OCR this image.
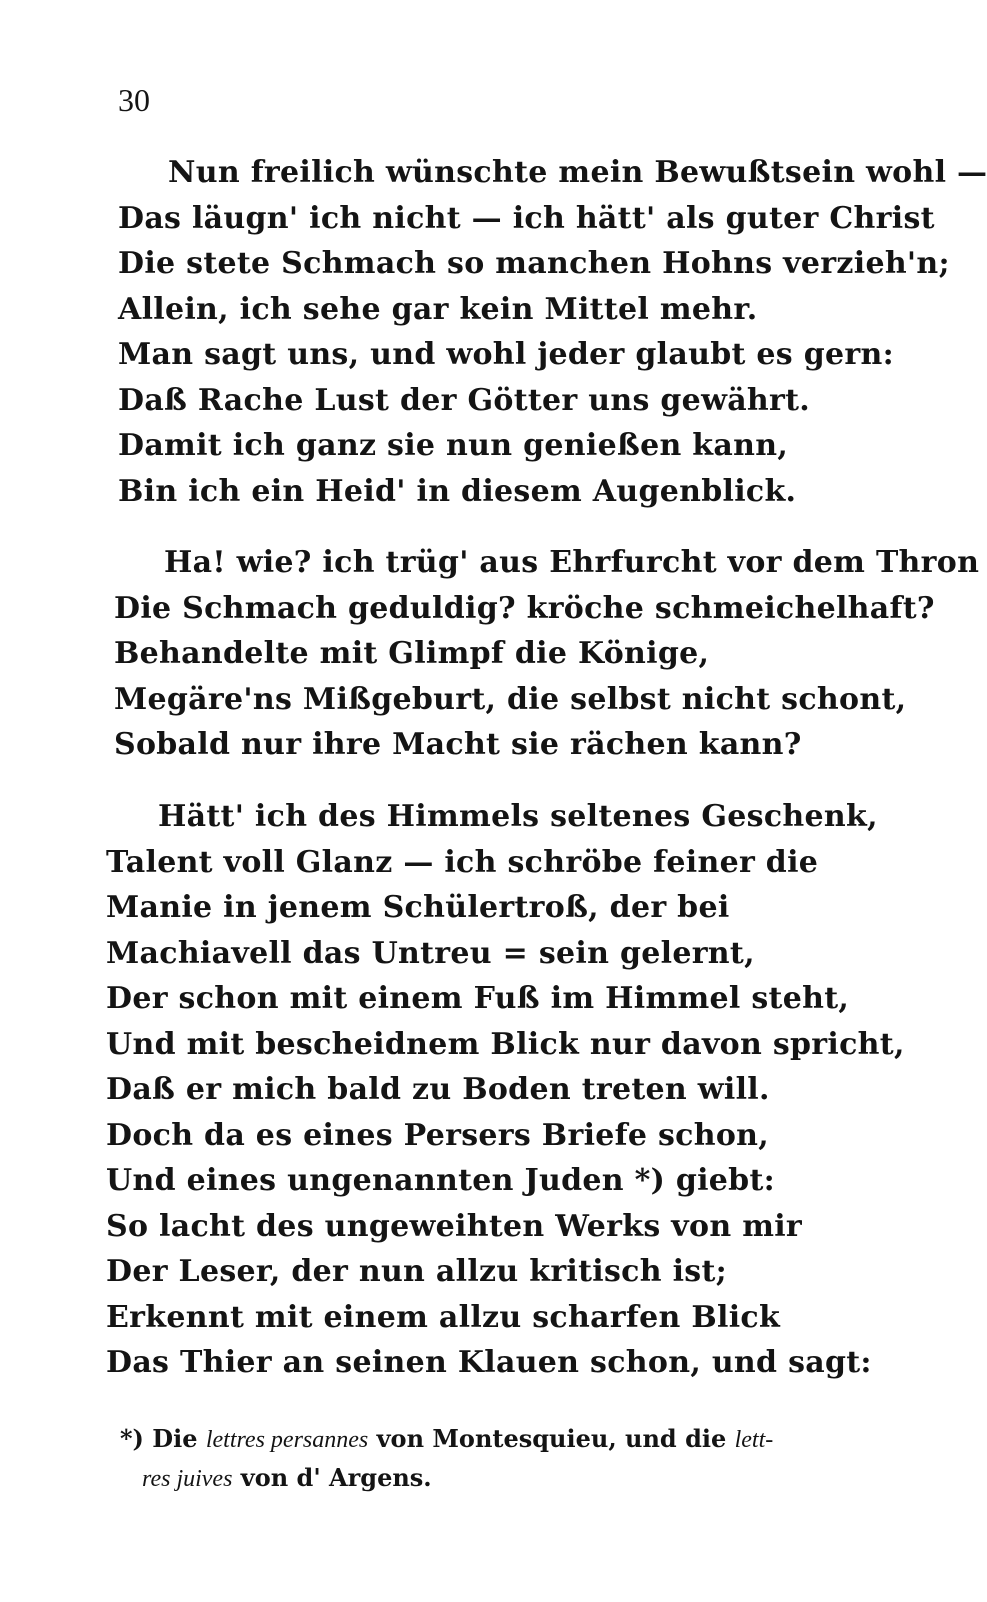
30
Nun freilich wünschte mein Bewußtsein wohl —
Das läugn' ich nicht — ich hätt' als guter Christ
Die stete Schmach so manchen Hohns verzieh'n;
Allein, ich sehe gar kein Mittel mehr.
Man sagt uns, und wohl jeder glaubt es gern:
Daß Rache Lust der Götter uns gewährt.
Damit ich ganz sie nun genießen kann,
Bin ich ein Heid' in diesem Augenblick.
Ha! wie? ich trüg' aus Ehrfurcht vor dem Thron
Die Schmach geduldig? kröche schmeichelhaft?
Behandelte mit Glimpf die Könige,
Megäre'ns Mißgeburt, die selbst nicht schont,
Sobald nur ihre Macht sie rächen kann?
Hätt' ich des Himmels seltenes Geschenk,
Talent voll Glanz — ich schröbe feiner die
Manie in jenem Schülertroß, der bei
Machiavell das Untreu = sein gelernt,
Der schon mit einem Fuß im Himmel steht,
Und mit bescheidnem Blick nur davon spricht,
Daß er mich bald zu Boden treten will.
Doch da es eines Persers Briefe schon,
Und eines ungenannten Juden *) giebt:
So lacht des ungeweihten Werks von mir
Der Leser, der nun allzu kritisch ist;
Erkennt mit einem allzu scharfen Blick
Das Thier an seinen Klauen schon, und sagt:
*) Die lettres persannes von Montesquieu, und die lett-
res juives von d' Argens.
